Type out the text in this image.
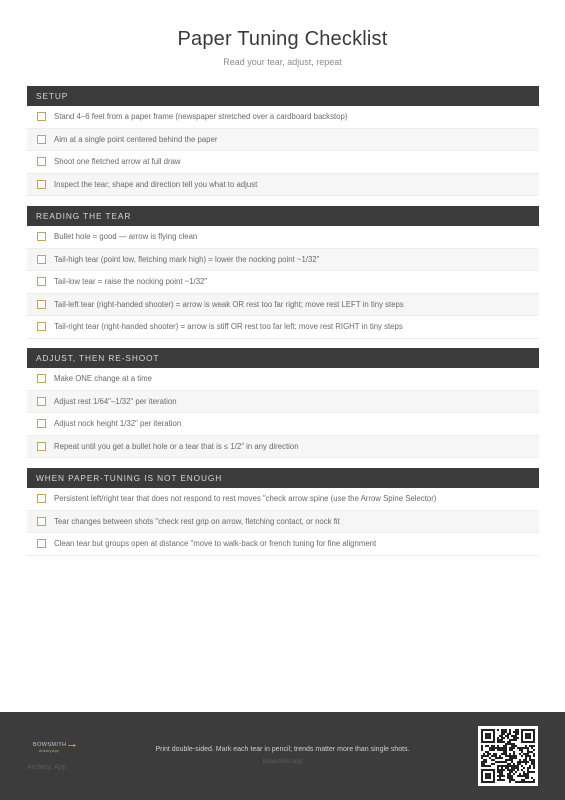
Paper Tuning Checklist
Read your tear, adjust, repeat
SETUP
Stand 4–6 feet from a paper frame (newspaper stretched over a cardboard backstop)
Aim at a single point centered behind the paper
Shoot one fletched arrow at full draw
Inspect the tear; shape and direction tell you what to adjust
READING THE TEAR
Bullet hole = good — arrow is flying clean
Tail-high tear (point low, fletching mark high) = lower the nocking point ~1/32"
Tail-low tear = raise the nocking point ~1/32"
Tail-left tear (right-handed shooter) = arrow is weak OR rest too far right; move rest LEFT in tiny steps
Tail-right tear (right-handed shooter) = arrow is stiff OR rest too far left; move rest RIGHT in tiny steps
ADJUST, THEN RE-SHOOT
Make ONE change at a time
Adjust rest 1/64"–1/32" per iteration
Adjust nock height 1/32" per iteration
Repeat until you get a bullet hole or a tear that is ≤ 1/2" in any direction
WHEN PAPER-TUNING IS NOT ENOUGH
Persistent left/right tear that does not respond to rest moves "check arrow spine (use the Arrow Spine Selector)
Tear changes between shots "check rest grip on arrow, fletching contact, or nock fit
Clean tear but groups open at distance "move to walk-back or french tuning for fine alignment
BOWSMITH
Archery App
Archery. App
Print double-sided. Mark each tear in pencil; trends matter more than single shots.
bowsmith.app
